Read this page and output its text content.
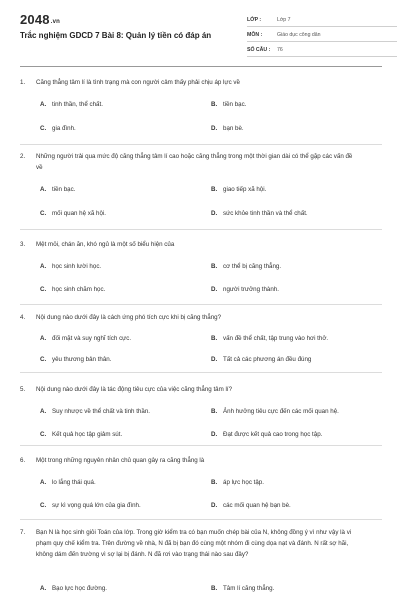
2048.vn
Trắc nghiệm GDCD 7 Bài 8: Quản lý tiền có đáp án
LỚP :	Lớp 7
MÔN :	Giáo dục công dân
SỐ CÂU :	76
1.	Căng thẳng tâm lí là tình trạng mà con người cảm thấy phải chịu áp lực về
A. tinh thần, thể chất.	B. tiền bạc.
C. gia đình.	D. bạn bè.
2.	Những người trải qua mức độ căng thẳng tâm lí cao hoặc căng thẳng trong một thời gian dài có thể gặp các vấn đề về
A. tiền bạc.	B. giao tiếp xã hội.
C. mối quan hệ xã hội.	D. sức khỏe tinh thần và thể chất.
3.	Mệt mỏi, chán ăn, khó ngủ là một số biểu hiện của
A. học sinh lười học.	B. cơ thể bị căng thẳng.
C. học sinh chăm học.	D. người trưởng thành.
4.	Nội dung nào dưới đây là cách ứng phó tích cực khi bị căng thẳng?
A. đối mặt và suy nghĩ tích cực.	B. vấn đề thể chất, tập trung vào hơi thở.
C. yêu thương bản thân.	D. Tất cả các phương án đều đúng
5.	Nội dung nào dưới đây là tác động tiêu cực của việc căng thẳng tâm lí?
A. Suy nhược về thể chất và tinh thần.	B. Ảnh hưởng tiêu cực đến các mối quan hệ.
C. Kết quả học tập giảm sút.	D. Đạt được kết quả cao trong học tập.
6.	Một trong những nguyên nhân chủ quan gây ra căng thẳng là
A. lo lắng thái quá.	B. áp lực học tập.
C. sự kì vọng quá lớn của gia đình.	D. các mối quan hệ bạn bè.
7.	Bạn N là học sinh giỏi Toán của lớp. Trong giờ kiểm tra có bạn muốn chép bài của N, không đồng ý vì như vậy là vi phạm quy chế kiểm tra. Trên đường về nhà, N đã bị bạn đó cùng một nhóm đi cùng dọa nạt và đánh. N rất sợ hãi, không dám đến trường vì sợ lại bị đánh. N đã rơi vào trạng thái nào sau đây?
A. Bạo lực học đường.	B. Tâm lí căng thẳng.
